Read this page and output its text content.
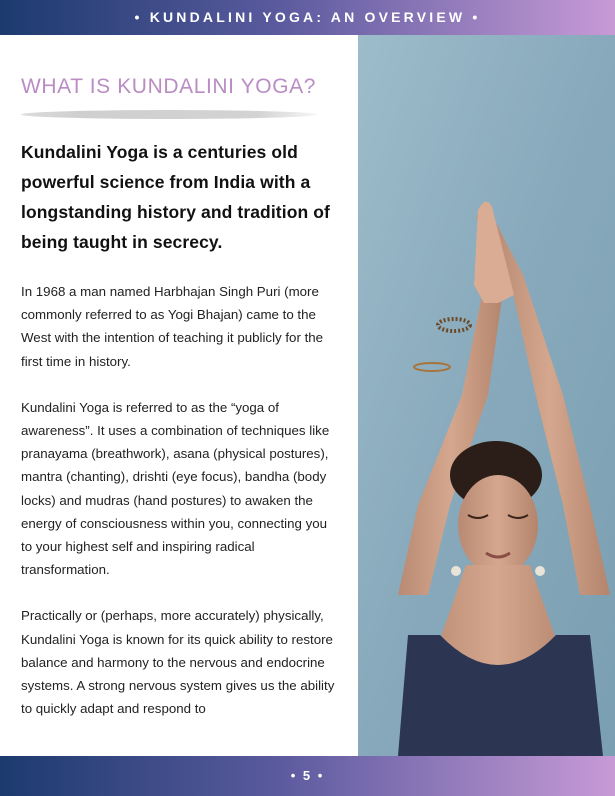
• KUNDALINI YOGA: AN OVERVIEW •
WHAT IS KUNDALINI YOGA?

Kundalini Yoga is a centuries old powerful science from India with a longstanding history and tradition of being taught in secrecy.

In 1968 a man named Harbhajan Singh Puri (more commonly referred to as Yogi Bhajan) came to the West with the intention of teaching it publicly for the first time in history.

Kundalini Yoga is referred to as the “yoga of awareness”. It uses a combination of techniques like pranayama (breathwork), asana (physical postures), mantra (chanting), drishti (eye focus), bandha (body locks) and mudras (hand postures) to awaken the energy of consciousness within you, connecting you to your highest self and inspiring radical transformation.

Practically or (perhaps, more accurately) physically, Kundalini Yoga is known for its quick ability to restore balance and harmony to the nervous and endocrine systems. A strong nervous system gives us the ability to quickly adapt and respond to

• 5 •
